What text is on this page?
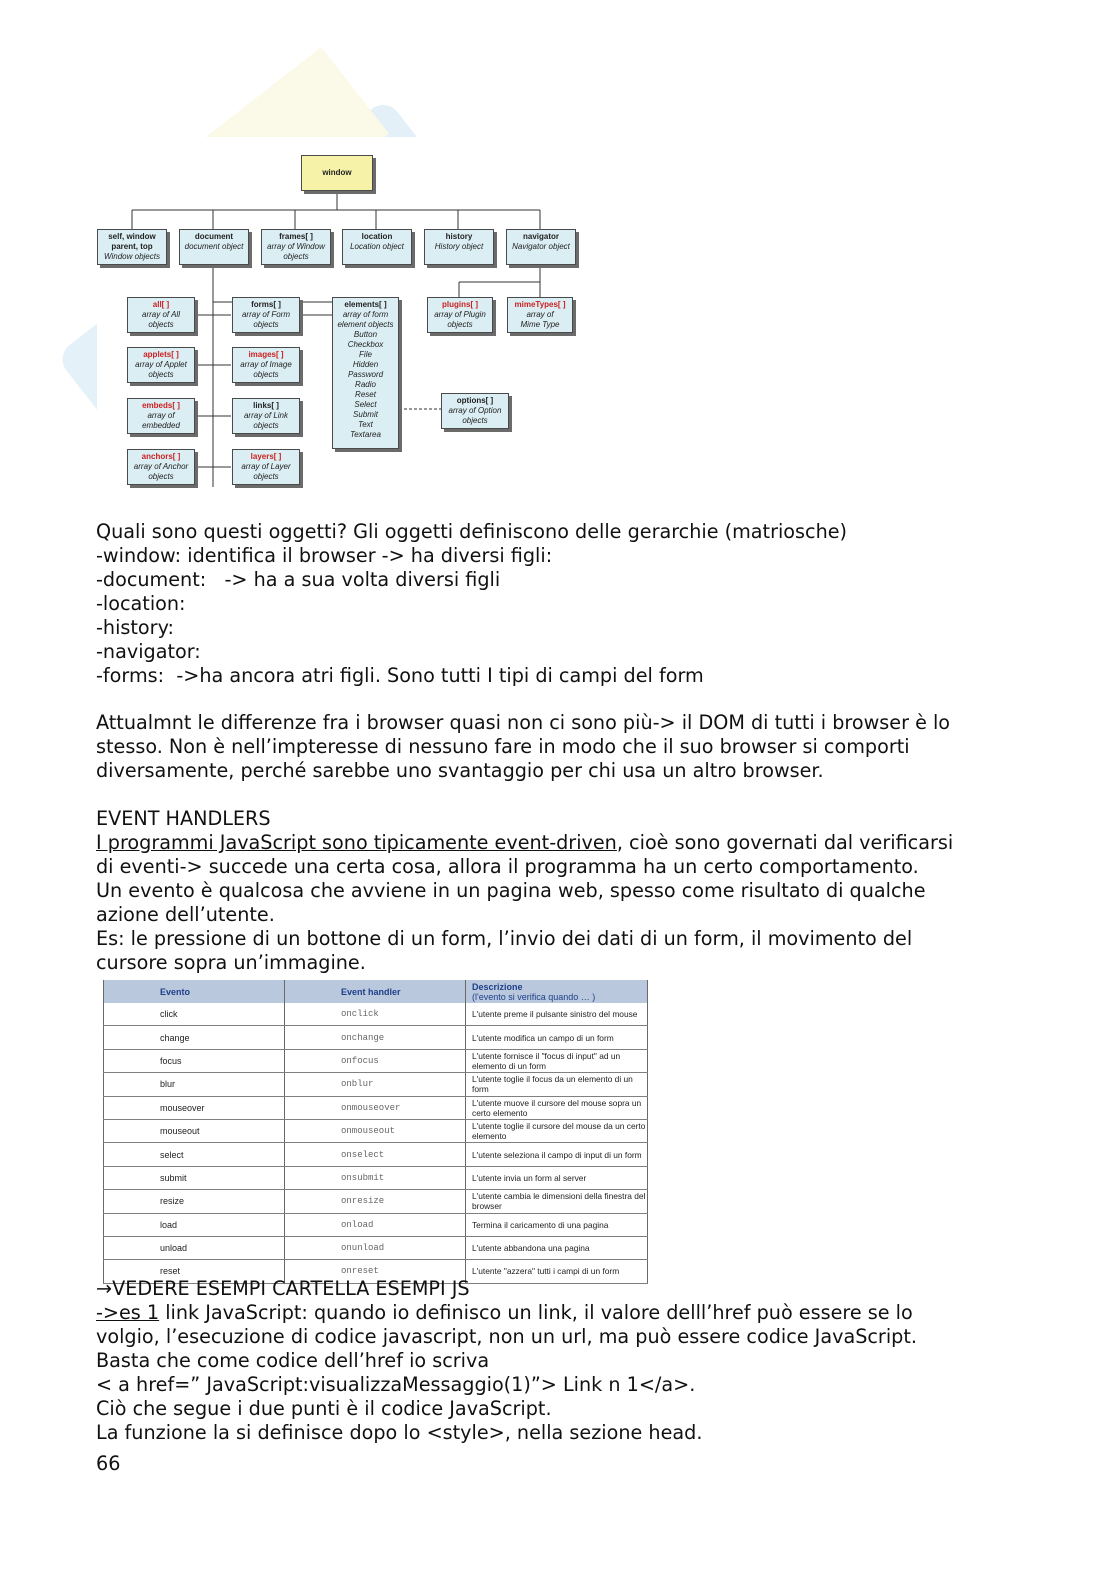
window
self, window
parent, top
Window objects
document
document object
frames[ ]
array of Window
objects
location
Location object
history
History object
navigator
Navigator object
all[ ]
array of All
objects
applets[ ]
array of Applet
objects
embeds[ ]
array of
embedded
anchors[ ]
array of Anchor
objects
forms[ ]
array of Form
objects
images[ ]
array of Image
objects
links[ ]
array of Link
objects
layers[ ]
array of Layer
objects
elements[ ]
array of form
element objects
Button
Checkbox
File
Hidden
Password
Radio
Reset
Select
Submit
Text
Textarea
plugins[ ]
array of Plugin
objects
mimeTypes[ ]
array of
Mime Type
options[ ]
array of Option
objects

Quali sono questi oggetti? Gli oggetti definiscono delle gerarchie (matriosche)

-window: identifica il browser -> ha diversi figli:

-document:   -> ha a sua volta diversi figli

-location:

-history:

-navigator:

-forms:  ->ha ancora atri figli. Sono tutti I tipi di campi del form

Attualmnt le differenze fra i browser quasi non ci sono più-> il DOM di tutti i browser è lo

stesso. Non è nell’impteresse di nessuno fare in modo che il suo browser si comporti

diversamente, perché sarebbe uno svantaggio per chi usa un altro browser.

EVENT HANDLERS

I programmi JavaScript sono tipicamente event-driven, cioè sono governati dal verificarsi

di eventi-> succede una certa cosa, allora il programma ha un certo comportamento.

Un evento è qualcosa che avviene in un pagina web, spesso come risultato di qualche

azione dell’utente.

Es: le pressione di un bottone di un form, l’invio dei dati di un form, il movimento del

cursore sopra un’immagine.

Evento	Event handler	Descrizione
(l'evento si verifica quando … )

click	onclick	L'utente preme il pulsante sinistro del mouse
change	onchange	L'utente modifica un campo di un form
focus	onfocus	L'utente fornisce il "focus di input" ad un elemento di un form
blur	onblur	L'utente toglie il focus da un elemento di un form
mouseover	onmouseover	L'utente muove il cursore del mouse sopra un certo elemento
mouseout	onmouseout	L'utente toglie il cursore del mouse da un certo elemento
select	onselect	L'utente seleziona il campo di input di un form
submit	onsubmit	L'utente invia un form al server
resize	onresize	L'utente cambia le dimensioni della finestra del browser
load	onload	Termina il caricamento di una pagina
unload	onunload	L'utente abbandona una pagina
reset	onreset	L'utente "azzera" tutti i campi di un form

→VEDERE ESEMPI CARTELLA ESEMPI JS

->es 1 link JavaScript: quando io definisco un link, il valore delll’href può essere se lo

volgio, l’esecuzione di codice javascript, non un url, ma può essere codice JavaScript.

Basta che come codice dell’href io scriva

< a href=” JavaScript:visualizzaMessaggio(1)”> Link n 1</a>.

Ciò che segue i due punti è il codice JavaScript.

La funzione la si definisce dopo lo <style>, nella sezione head.

66
